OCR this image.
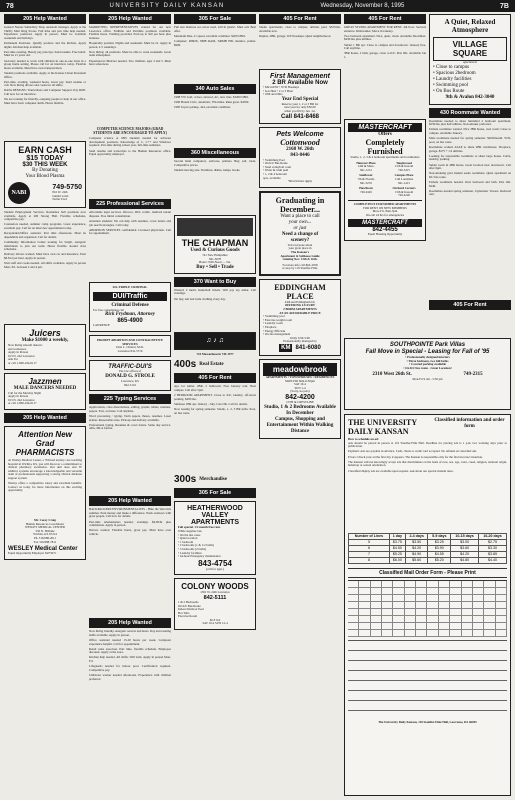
78	UNIVERSITY DAILY KANSAN	Wednesday, November 8, 1995	7B
205 Help Wanted

General Nurses Subsidiary Shop Assistant manager. Apply at the Thrifty Mart Ring Stores. Full time and part time help needed. Experience preferred. Apply in person. Must be available weekends and holidays.

Permanent Positions. Quality produce and the kitchen, Apply nights. Kitchen help available.

Part-time evening, Hourly pay plus tips. Send resume. Free lunch. Must be 21 years old.

Secretary needed to work with children in one-to-one basis in a group home setting. Please call for an interview today. Flexible hours available. Must have own transportation.

Student positions available. Apply at the Kansas Union Personnel Office.

Part-time, evening, weekend hours. Great pay. Send resume or call. Now hiring drivers and cooks for all shifts.

DATA DESIGNS: Transcribers and Computer Support. Pay DOE. Call now for an interview.

We are looking for friendly, outgoing people to help in our office. Must have basic computer skills. Hours flexible.

EARN CASH
$15 TODAY
$30 THIS WEEK
By Donating
Your Blood Plasma
NABI
749-5750
816 W. 24th
behind Laird
Noller Ford

Student Employment Services. Residence hall positions now available. Apply at 200 Strong Hall. Flexible schedules, competitive pay.

Counselors needed, summer camp programs. Great experience, excellent pay. Call for an interview appointment today.

Receptionist/Office assistant. Part time afternoons. Must be dependable and organized. Call for details.

Community Information Center looking for bright, energetic individuals to join our team. Hours flexible around class schedules.

Delivery drivers wanted. Must have own car and insurance. Earn $8-$12 per hour. Apply in person.

Wait staff and cooks needed. All shifts available. Apply in person Mon.-Fri. between 2 and 4 pm.

Juicers
Make $1000 a weekly,
Now hiring smooth dancers
and waitresses.
Apply in Person
913 N. 2nd Lawrence
Ask For
or call 1-800-434-0117
Jazzmen
MALE DANCERS NEEDED
Call for the Monday Night
Apply in Person
913 N. 2nd Lawrence
or call 1-800-434-0117
205 Help Wanted
Attention New Grad PHARMACISTS

At Wesley Medical Center, a 760-bed tertiary care teaching hospital in Wichita, KS, you will discover a commitment to clinical pharmacy excellence. Our unit dose and IV additive systems encourage a knowledgeable and versatile team of professionals supporting a strong clinical database support system.

Wesley offers a competitive salary and excellent benefits. Contact us today for more information on this exciting opportunity.

Mr. Corey Craig
Human Resources Coordinator
WESLEY MEDICAL CENTER
550 N. Hillside
Wichita, KS 67214
Ph. 316/688-2011
Fax 316/688-7811
WESLEY Medical Center
Equal Opportunity Employer M/F/D/V
205 Help Wanted

MARKETING REPRESENTATIVES wanted for our new Lawrence office. Fulltime and Parttime positions available. Flexible hours. Training provided. Earn up to $10 per hour plus bonuses.

Hospitality position. Nights and weekends. Must be 21. Apply in person, 2-5 weekdays.

Now hiring: all positions. Must be able to work weekends. Great team atmosphere.

Experienced childcare needed. Two children, ages 3 and 5. Must have references.

COMPUTER SCIENCE MAJORS (GRAD STUDENTS ARE ENCOURAGED TO APPLY)

Computer science or MIS students needed for software development positions. Knowledge of C, C++ and Windows required. Part-time during school year, full-time summers.

Send resume and transcripts to the Human Resources office. Equal opportunity employer.

225 Professional Services

Affordable legal services. Divorce, DUI, traffic, landlord tenant disputes. Free initial consultation.

Attention students: We can help with resumes, cover letters and job search strategies. Call today.

ABORTION SERVICES confidential. Licensed physicians. Call for appointment.

SIL-TRIPLE CRIMINAL
DUI/Traffic
Criminal Defense
For free consultation call
Rick Frydman, Attorney
865-4900
LAWRENCE
PROMPT ABORTION AND CONTRACEPTIVE SERVICES
Dale L. Clinton, M.D.
Lawrence 841-5716
TRAFFIC-DUI'S
The law offices of
DONALD G. STROLE
Lawrence, KS
842-5116
225 Typing Services

Applications, class dissertations, editing, graphs, tables, resumes, papers. Fast, accurate. Call anytime.

Word processing / typing. Term papers, theses, resumes. Laser printer. Reasonable rates. Pick-up and delivery available.

Professional typing. Resumes & cover letters. Same day service. APA, MLA format.

205 Help Wanted

BACKPACKERS/ENVIRONMENTALISTS - Hike the West this summer. Earn money and make a difference. Work outdoors with great people. Call now for details.

Part-time telemarketers needed, evenings. $6.00/hr plus commission. Apply in person.

Drivers wanted. Flexible hours, great pay. Must have own vehicle.

205 Help Wanted

Now hiring friendly, energetic servers and hosts. Day and evening shifts available. Apply in person.

Office assistant needed 15-20 hours per week. Computer experience helpful. Call for appointment.

Retail sales associate. Part time, flexible schedule. Employee discount. Apply at the store.

Kitchen help needed. All shifts. Will train. Apply in person Mon-Fri.

Lifeguards needed for indoor pool. Certification required. Competitive pay.

Childcare worker needed afternoons. Experience with children preferred.

305 For Sale

Full size mattress set, never used, still in plastic. Must sell. Best offer.

Mountain bike, 21 speed, excellent condition. $200 OBO.

Computer: 486DX, 8MB RAM, 340MB HD, monitor, printer. $900.

340 Auto Sales

1988 VW Golf, 4 door, sunroof, AC, new tires. $3200 OBO.

1990 Honda Civic, automatic, 87k miles. Runs great. $4500.

1985 Toyota pickup, 4x4, excellent condition.

360 Miscellaneous

Second hand computers, software, printers. Buy, sell, trade. Competitive prices.

Student moving sale. Furniture, dishes, lamps, books.

THE CHAPMAN
Used & Curious Goods
741 New Hampshire
841-5678
Hours: 9:00-Noon — Sat.
Buy • Sell • Trade
370 Want to Buy

Wanted: 2 men's basketball tickets. Will pay top dollar. Call evenings.

We buy, sell and trade clothing every day.

♫ ♪ ♫
724 Massachusetts 749-1977
400s Real Estate
405 For Rent

Apt. for sublet. 2BR, 2 bathroom. Free January rent. Near campus. Call after 5pm.

2 BEDROOM APARTMENT. Close to KU, laundry, off-street parking. $495/mo.

Sublease 1BR apt. January - July. Cats OK. Call for details.

Now leasing for spring semester. Studio, 1, 2, 3 BR units. Pool, on bus route.

300s Merchandise
305 For Sale
HEATHERWOOD VALLEY APARTMENTS
Fall special. 1/2 month free rent.
While supplies last.
• On the bus route
• Quiet location
• 1 bedroom
• 2 bedrooms (1 & 1/2 baths)
• 3 bedrooms (2 baths)
• Laundry facilities
• 24-hour Emergency maintenance
843-4754
(call for appt.)
COLONY WOODS
1301 W. 24th Lawrence
842-5111
1 & 2 Bedrooms
On KU Bus Route
Indoor/Outdoor Pool
Hot Tubs
Exercise Room
M-F 9-6
SAT 10-4 SUN 12-4
405 For Rent

Studio apartments, close to campus, utilities paid. $325/mo. Available now.

Duplex, 2BR, garage, W/D hookups. Quiet neighborhood.

First Management
2 BR Available Now
• Micro/DW • W/D Hookups
• Gas Heat • 2 or 3 Hour
• 18th and Ohio
Year End Special
Reserve your 1, 2 or 3 BR for
next year for only $50.00
when you fill by Jan. 1st.
Call 841-8468
Pets Welcome
Cottonwood
2168 W. 26th
843-0446
• Swimming Pool
• On KU Bus Route
• Sand volleyball court
• Water & trash paid
• 1, 2 & 4 bedroom
apts. available
*Restrictions Apply
Graduating in December...
Want a place to call
your own...
or just
Need a change of
scenery?
Tell everyone about
your great place in
The Kansan's
Apartment & Sublease Guide
running Nov. 13th & 16th.
For more info call 864-4358
or stop by 119 Stauffer-Flint.
EDDINGHAM PLACE
24th and Eddingham Dr.
OFFERING LUXURY
2 BDRM APARTMENTS
AT AN AFFORDABLE PRICE
• Swimming pool
• Exercise weight room
• Laundry room
• Fireplace
• Energy Efficient
• On site management
Daily 3:00-5:00
Professionally managed by
KM 841-6080
meadowbrook
APARTMENTS • TOWNHOUSES • RESIDENCES
MON-FRI 8am-6:30pm
SAT 10-4
SUN 1-4
(Sorry, no pets)
842-4200
15TH & CRESTLINE
Studio, 1 & 2 Bedrooms Available In December
Campus, Shopping and Entertainment Within Walking Distance
405 For Rent

GREAT STUDIO APARTMENT FOR RENT. 4th floor. Secured entrance. Dishwasher. Move in January.

Two bedroom apartment. Nice, quiet, clean. Available December. $450/mo plus utilities.

Sublet 1 BR apt. Close to campus and downtown. January free. Call anytime.

3BR house, 2 bath, garage, close to KU. Pets OK. Available Jan 1.

MASTERCRAFT
Offers
Completely Furnished
Studio, 1, 2, 3 & 4 bedroom apartments and townhomes
Hanover Place
14th & Mass.
841-1212
Tanglewood
15th & Kasold
749-3415
Sunflower
7th & Florida
841-5255
Campus Place
11th Louisiana
841-1415
Hawthorn
749-0445
Orchard Corners
15th & Kasold
749-4226
COMPLETELY FURNISHED APARTMENTS
FOR RENT ON NEW MEMBERS
Mon.-Fri. 8am-5pm
On-call 24 hrs for emergencies
MASTERCRAFT
842-4455
Equal Housing Opportunity
A Quiet, Relaxed Atmosphere
VILLAGE SQUARE
apartments
• Close to campus
• Spacious 2bedroom
• Laundry facilities
• Swimming pool
• On Bus Route
9th & Avalon 842-3040
430 Roommate Wanted

Roommate needed to share furnished 2 bedroom apartment. $250/mo plus half utilities. Non-smoker preferred.

Female roommate wanted. Nice 3BR house, own room. Close to campus. Available January.

Male roommate needed for spring semester. $200/month. W/D, pool, on bus route.

Roommate wanted ASAP to share 2BR townhouse. Fireplace, garage. $275 + 1/2 utilities.

Looking for responsible roommate to share large house. Cable, laundry, parking.

Sublet room in 4BR house. Great location near downtown. Call after 6pm.

Non-smoking grad student seeks roommate. Quiet apartment on KU bus route.

Female roommate needed. Own bedroom and bath. Pets OK. $240.

Roommate needed spring semester, Jayhawker Towers. Reduced rent.

405 For Rent
SOUTHPOINTE Park Villas
Fall Move in Special - Leasing for Fall of '95
• Professionally designed interiors
• Three bedroom, two full baths
• Covered parking available
• On KU bus route - Great Location!
2310 West 26th St.	749-2315
Mon-Fri 9 am - 5:30 pm
THE UNIVERSITY DAILY KANSAN
Classified information and order form
How to schedule an ad:

Ads should be placed in person at 119 Stauffer-Flint Hall. Deadline for placing ads is 1 p.m. two working days prior to publication.

Payment: Ads are payable in advance. Cash, check or credit card accepted. No refunds on cancelled ads.

Errors: Check your ad the first day it appears. The Kansan is responsible only for the first incorrect insertion.

The Kansan will not knowingly accept ads that discriminate on the basis of race, sex, age, color, creed, religion, national origin, handicap or sexual orientation.

Classified display ads are available upon request. Ask about our special student rates.

Number of Lines	1 day	2-4 days	5-9 days	10-15 days	16-20 days
5	$3.75	$3.50	$3.25	$3.00	$2.75
6	$4.50	$4.20	$3.90	$3.60	$3.30
7	$5.25	$4.90	$4.55	$4.20	$3.85
8	$6.00	$5.60	$5.20	$4.80	$4.40
Classified Mail Order Form - Please Print
The University Daily Kansan, 118 Stauffer-Flint Hall, Lawrence, KS 66045
